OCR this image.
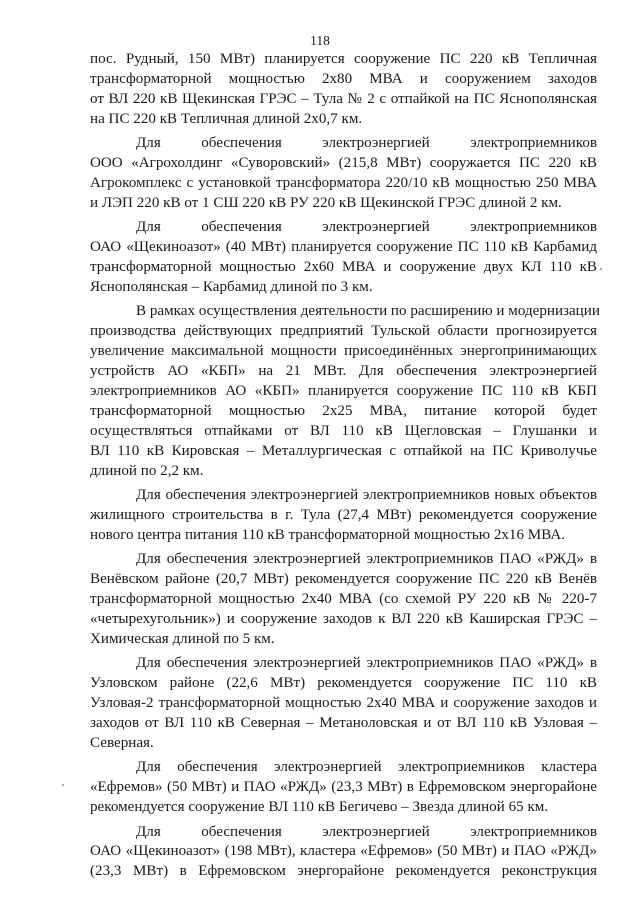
118

пос. Рудный, 150 МВт) планируется сооружение ПС 220 кВ Тепличная
трансформаторной мощностью 2х80 МВА и сооружением заходов
от ВЛ 220 кВ Щекинская ГРЭС – Тула № 2 с отпайкой на ПС Яснополянская
на ПС 220 кВ Тепличная длиной 2х0,7 км.

Для обеспечения электроэнергией электроприемников
ООО «Агрохолдинг «Суворовский» (215,8 МВт) сооружается ПС 220 кВ
Агрокомплекс с установкой трансформатора 220/10 кВ мощностью 250 МВА
и ЛЭП 220 кВ от 1 СШ 220 кВ РУ 220 кВ Щекинской ГРЭС длиной 2 км.

Для обеспечения электроэнергией электроприемников
ОАО «Щекиноазот» (40 МВт) планируется сооружение ПС 110 кВ Карбамид
трансформаторной мощностью 2х60 МВА и сооружение двух КЛ 110 кВ
Яснополянская – Карбамид длиной по 3 км.

В рамках осуществления деятельности по расширению и модернизации
производства действующих предприятий Тульской области прогнозируется
увеличение максимальной мощности присоединённых энергопринимающих
устройств АО «КБП» на 21 МВт. Для обеспечения электроэнергией
электроприемников АО «КБП» планируется сооружение ПС 110 кВ КБП
трансформаторной мощностью 2х25 МВА, питание которой будет
осуществляться отпайками от ВЛ 110 кВ Щегловская – Глушанки и
ВЛ 110 кВ Кировская – Металлургическая с отпайкой на ПС Криволучье
длиной по 2,2 км.

Для обеспечения электроэнергией электроприемников новых объектов
жилищного строительства в г. Тула (27,4 МВт) рекомендуется сооружение
нового центра питания 110 кВ трансформаторной мощностью 2х16 МВА.

Для обеспечения электроэнергией электроприемников ПАО «РЖД» в
Венёвском районе (20,7 МВт) рекомендуется сооружение ПС 220 кВ Венёв
трансформаторной мощностью 2х40 МВА (со схемой РУ 220 кВ № 220-7
«четырехугольник») и сооружение заходов к ВЛ 220 кВ Каширская ГРЭС –
Химическая длиной по 5 км.

Для обеспечения электроэнергией электроприемников ПАО «РЖД» в
Узловском районе (22,6 МВт) рекомендуется сооружение ПС 110 кВ
Узловая-2 трансформаторной мощностью 2х40 МВА и сооружение заходов и
заходов от ВЛ 110 кВ Северная – Метаноловская и от ВЛ 110 кВ Узловая –
Северная.

Для обеспечения электроэнергией электроприемников кластера
«Ефремов» (50 МВт) и ПАО «РЖД» (23,3 МВт) в Ефремовском энергорайоне
рекомендуется сооружение ВЛ 110 кВ Бегичево – Звезда длиной 65 км.

Для обеспечения электроэнергией электроприемников
ОАО «Щекиноазот» (198 МВт), кластера «Ефремов» (50 МВт) и ПАО «РЖД»
(23,3 МВт) в Ефремовском энергорайоне рекомендуется реконструкция
